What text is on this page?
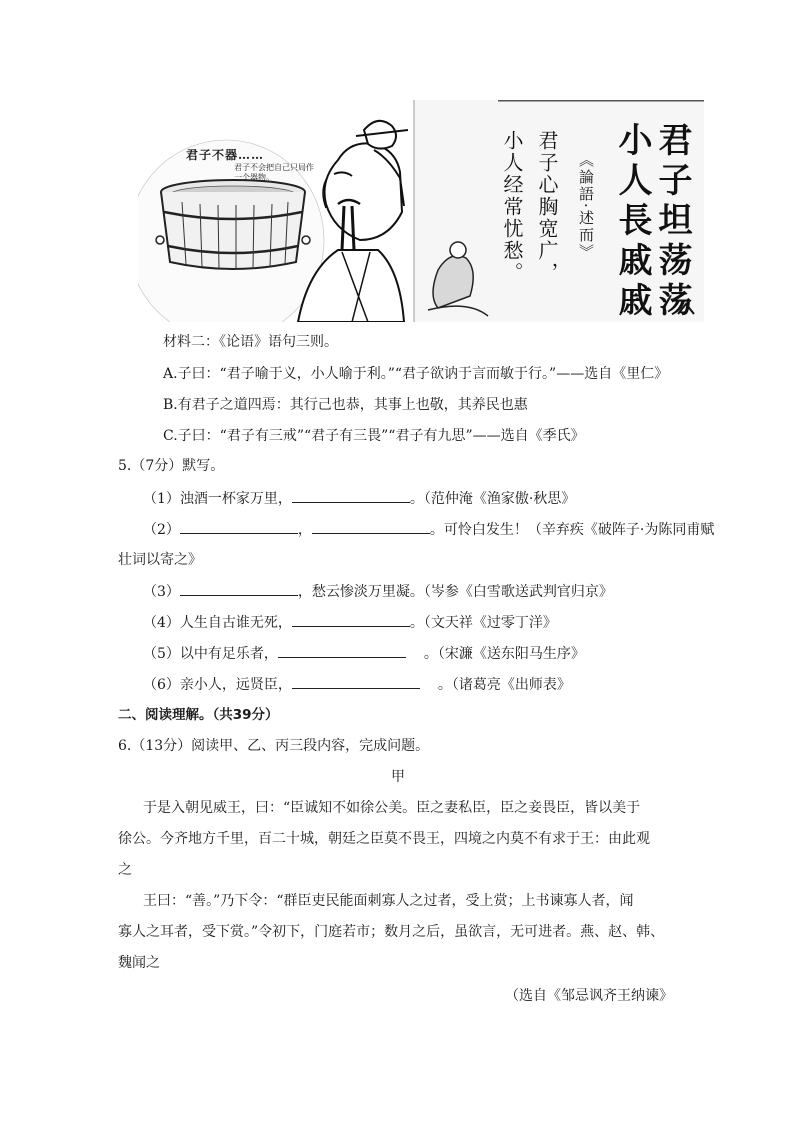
君子不器……
君子不会把自己只局作一个器物。	君子坦荡荡
小人長戚戚
《論語·述而》
君子心胸宽广，
小人经常忧愁。
材料二：《论语》语句三则。
A.子曰：“君子喻于义，小人喻于利。”“君子欲讷于言而敏于行。”——选自《里仁》
B.有君子之道四焉：其行己也恭，其事上也敬，其养民也惠
C.子曰：“君子有三戒”“君子有三畏”“君子有九思”——选自《季氏》
5.（7分）默写。
（1）浊酒一杯家万里，	。（范仲淹《渔家傲·秋思》
（2）	，	。可怜白发生！（辛弃疾《破阵子·为陈同甫赋
壮词以寄之》
（3）	，愁云惨淡万里凝。（岑参《白雪歌送武判官归京》
（4）人生自古谁无死，	。（文天祥《过零丁洋》
（5）以中有足乐者，	。（宋濂《送东阳马生序》
（6）亲小人，远贤臣，	。（诸葛亮《出师表》
二、阅读理解。（共39分）
6.（13分）阅读甲、乙、丙三段内容，完成问题。
甲
于是入朝见威王，曰：“臣诚知不如徐公美。臣之妻私臣，臣之妾畏臣，皆以美于
徐公。今齐地方千里，百二十城，朝廷之臣莫不畏王，四境之内莫不有求于王：由此观
之
王曰：“善。”乃下令：“群臣吏民能面刺寡人之过者，受上赏；上书谏寡人者，闻
寡人之耳者，受下赏。”令初下，门庭若市；数月之后，虽欲言，无可进者。燕、赵、韩、
魏闻之
（选自《邹忌讽齐王纳谏》
